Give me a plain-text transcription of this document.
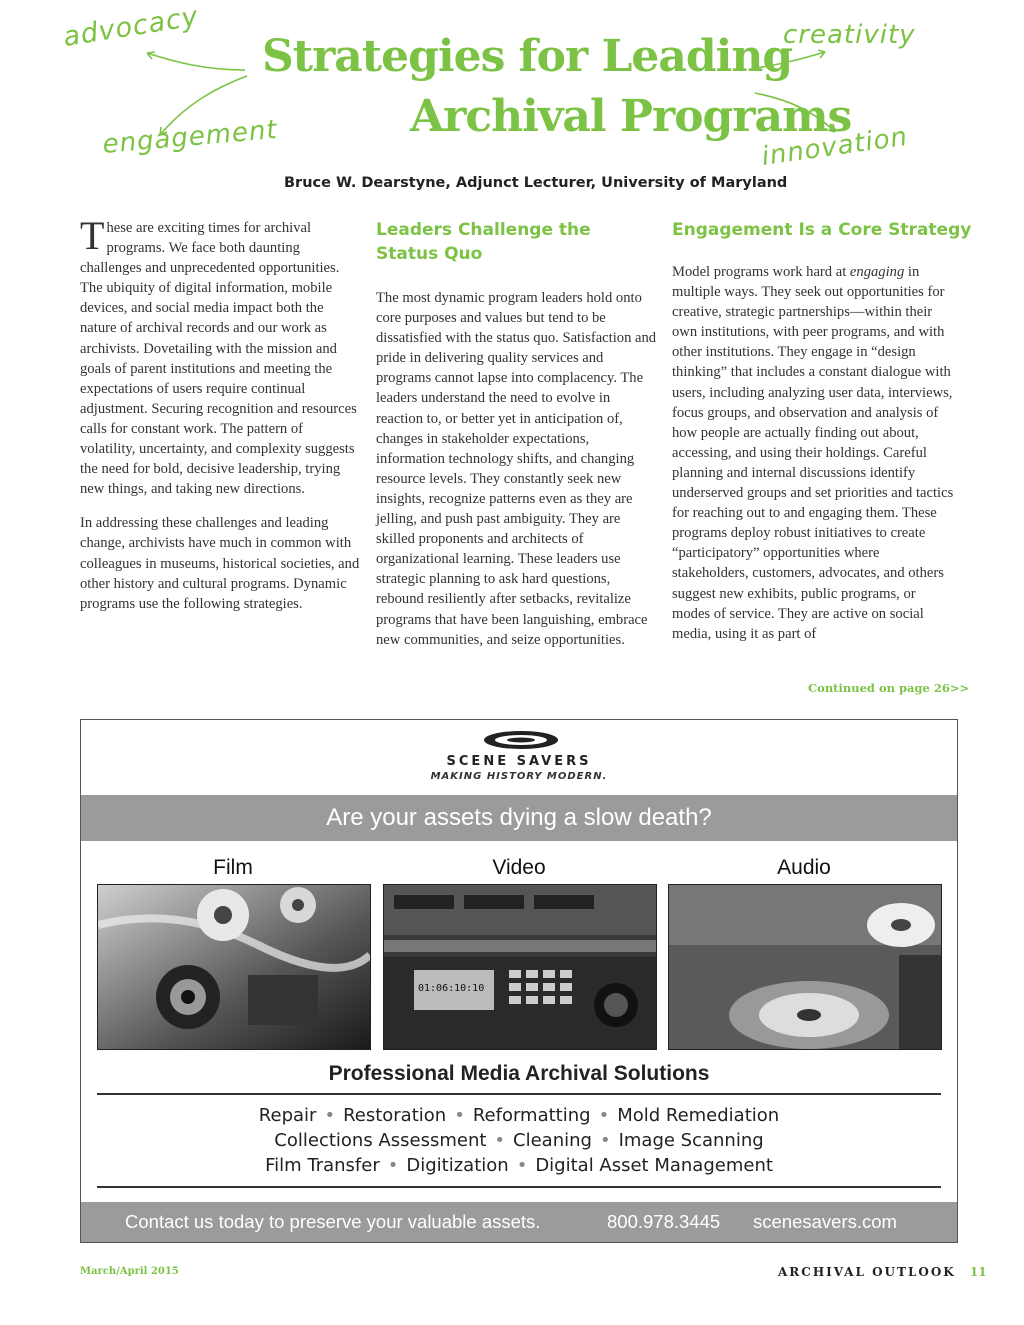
advocacy
engagement
creativity
innovation
Strategies for Leading
Archival Programs
Bruce W. Dearstyne, Adjunct Lecturer, University of Maryland

These are exciting times for archival programs. We face both daunting challenges and unprecedented opportunities. The ubiquity of digital information, mobile devices, and social media impact both the nature of archival records and our work as archivists. Dovetailing with the mission and goals of parent institutions and meeting the expectations of users require continual adjustment. Securing recognition and resources calls for constant work. The pattern of volatility, uncertainty, and complexity suggests the need for bold, decisive leadership, trying new things, and taking new directions.

In addressing these challenges and leading change, archivists have much in common with colleagues in museums, historical societies, and other history and cultural programs. Dynamic programs use the following strategies.

Leaders Challenge the Status Quo

The most dynamic program leaders hold onto core purposes and values but tend to be dissatisfied with the status quo. Satisfaction and pride in delivering quality services and programs cannot lapse into complacency. The leaders understand the need to evolve in reaction to, or better yet in anticipation of, changes in stakeholder expectations, information technology shifts, and changing resource levels. They constantly seek new insights, recognize patterns even as they are jelling, and push past ambiguity. They are skilled proponents and architects of organizational learning. These leaders use strategic planning to ask hard questions, rebound resiliently after setbacks, revitalize programs that have been languishing, embrace new communities, and seize opportunities.

Engagement Is a Core Strategy

Model programs work hard at engaging in multiple ways. They seek out opportunities for creative, strategic partnerships—within their own institutions, with peer programs, and with other institutions. They engage in “design thinking” that includes a constant dialogue with users, including analyzing user data, interviews, focus groups, and observation and analysis of how people are actually finding out about, accessing, and using their holdings. Careful planning and internal discussions identify underserved groups and set priorities and tactics for reaching out to and engaging them. These programs deploy robust initiatives to create “participatory” opportunities where stakeholders, customers, advocates, and others suggest new exhibits, public programs, or modes of service. They are active on social media, using it as part of

Continued on page 26>>
SCENE SAVERS
MAKING HISTORY MODERN.
Are your assets dying a slow death?
Film	Video	Audio
01:06:10:10
Professional Media Archival Solutions
Repair • Restoration • Reformatting • Mold Remediation
Collections Assessment • Cleaning • Image Scanning
Film Transfer • Digitization • Digital Asset Management
Contact us today to preserve your valuable assets.	800.978.3445 scenesavers.com
March/April 2015	ARCHIVAL OUTLOOK 11
